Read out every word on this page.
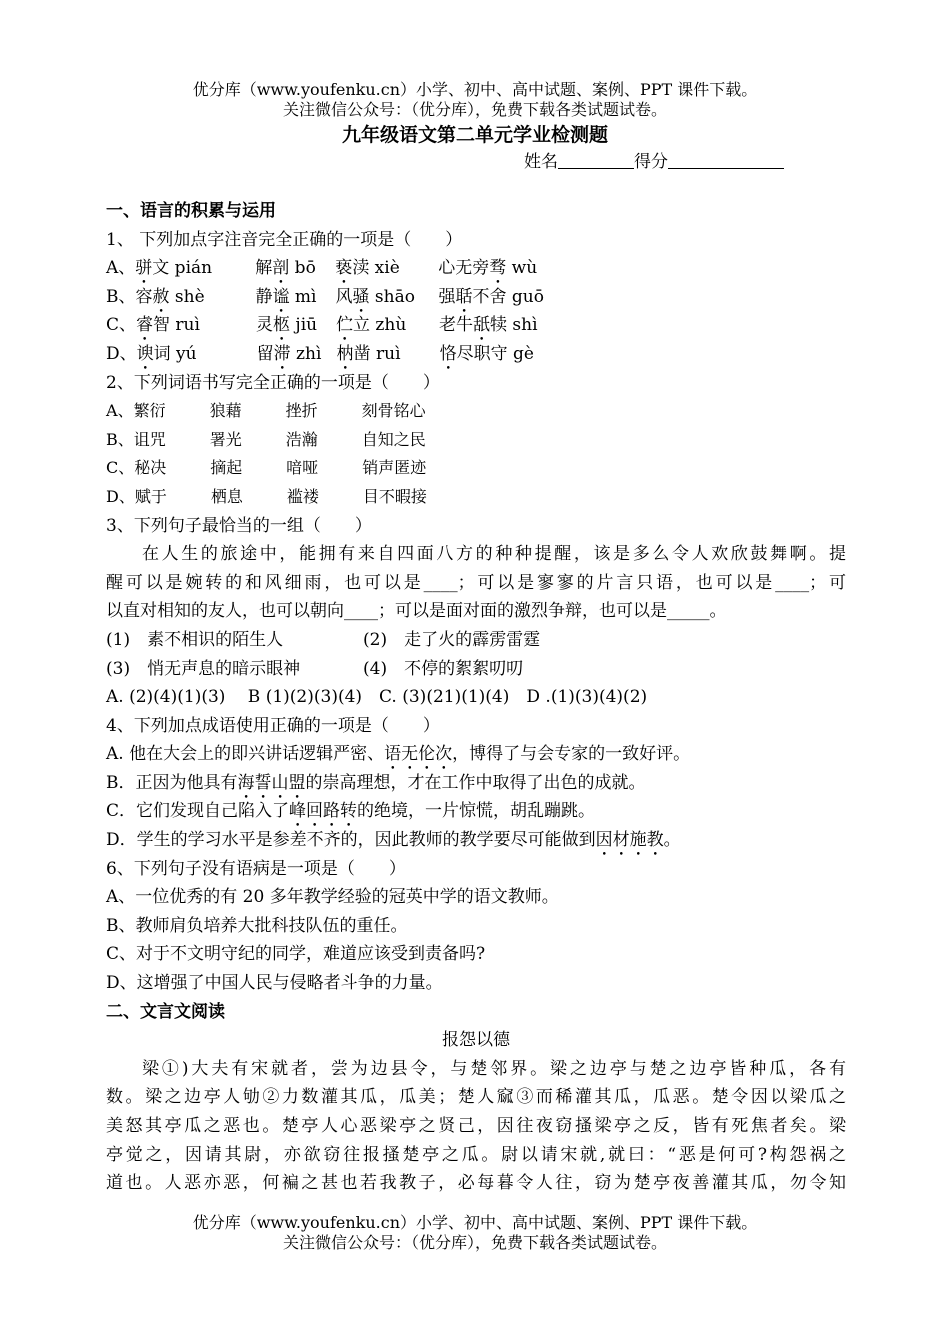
优分库（www.youfenku.cn）小学、初中、高中试题、案例、PPT 课件下载。
关注微信公众号：（优分库），免费下载各类试题试卷。
九年级语文第二单元学业检测题
姓名	得分
一、语言的积累与运用
1、 下列加点字注音完全正确的一项是（　　）
A、骈文 pián	解剖 bō 亵渎 xiè 心无旁骛 wù
B、容赦 shè	静谧 mì 风骚 shāo 强聒不舍 guō
C、睿智 ruì	灵柩 jiū 伫立 zhù 老牛舐犊 shì
D、谀词 yú	留滞 zhì 枘凿 ruì 恪尽职守 gè
2、下列词语书写完全正确的一项是（　　）
A、繁衍	狼藉	挫折	刻骨铭心
B、诅咒	署光	浩瀚	自知之民
C、秘决	摘起	喑哑	销声匿迹
D、赋于	栖息	褴褛	目不暇接
3、下列句子最恰当的一组（　　）
在人生的旅途中，能拥有来自四面八方的种种提醒，该是多么令人欢欣鼓舞啊。提
醒可以是婉转的和风细雨，也可以是____；可以是寥寥的片言只语，也可以是____；可
以直对相知的友人，也可以朝向____；可以是面对面的激烈争辩，也可以是_____。
(1)　素不相识的陌生人	(2)　走了火的霹雳雷霆
(3)　悄无声息的暗示眼神	(4)　不停的絮絮叨叨
A. (2)(4)(1)(3)　 B (1)(2)(3)(4)　C. (3)(21)(1)(4)　D .(1)(3)(4)(2)
4、下列加点成语使用正确的一项是（　　）
A. 他在大会上的即兴讲话逻辑严密、语无伦次，博得了与会专家的一致好评。
B．正因为他具有海誓山盟的崇高理想，才在工作中取得了出色的成就。
C．它们发现自己陷入了峰回路转的绝境，一片惊慌，胡乱蹦跳。
D．学生的学习水平是参差不齐的，因此教师的教学要尽可能做到因材施教。
6、下列句子没有语病是一项是（　　）
A、一位优秀的有 20 多年教学经验的冠英中学的语文教师。
B、教师肩负培养大批科技队伍的重任。
C、对于不文明守纪的同学，难道应该受到责备吗?
D、这增强了中国人民与侵略者斗争的力量。
二、文言文阅读
报怨以德
梁①)大夫有宋就者，尝为边县令，与楚邻界。梁之边亭与楚之边亭皆种瓜，各有
数。梁之边亭人劬②力数灌其瓜，瓜美；楚人窳③而稀灌其瓜，瓜恶。楚令因以梁瓜之
美怒其亭瓜之恶也。楚亭人心恶梁亭之贤己，因往夜窃搔梁亭之反，皆有死焦者矣。梁
亭觉之，因请其尉，亦欲窃往报搔楚亭之瓜。尉以请宋就,就曰：“恶是何可?构怨祸之
道也。人恶亦恶，何褊之甚也若我教子，必每暮令人往，窃为楚亭夜善灌其瓜，勿令知
优分库（www.youfenku.cn）小学、初中、高中试题、案例、PPT 课件下载。
关注微信公众号：（优分库），免费下载各类试题试卷。
